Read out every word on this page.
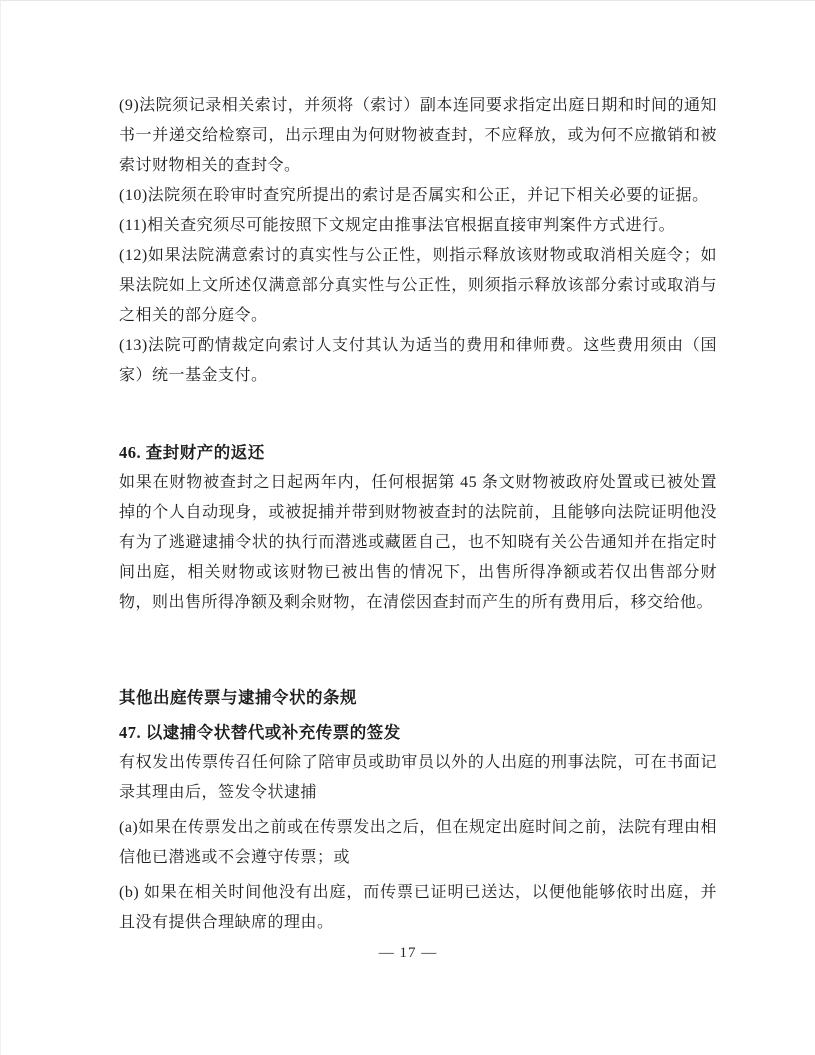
(9)法院须记录相关索讨，并须将（索讨）副本连同要求指定出庭日期和时间的通知书一并递交给检察司，出示理由为何财物被查封，不应释放，或为何不应撤销和被索讨财物相关的查封令。

(10)法院须在聆审时查究所提出的索讨是否属实和公正，并记下相关必要的证据。

(11)相关查究须尽可能按照下文规定由推事法官根据直接审判案件方式进行。

(12)如果法院满意索讨的真实性与公正性，则指示释放该财物或取消相关庭令；如果法院如上文所述仅满意部分真实性与公正性，则须指示释放该部分索讨或取消与之相关的部分庭令。

(13)法院可酌情裁定向索讨人支付其认为适当的费用和律师费。这些费用须由（国家）统一基金支付。

46. 查封财产的返还

如果在财物被查封之日起两年内，任何根据第 45 条文财物被政府处置或已被处置掉的个人自动现身，或被捉捕并带到财物被查封的法院前，且能够向法院证明他没有为了逃避逮捕令状的执行而潜逃或藏匿自己，也不知晓有关公告通知并在指定时间出庭，相关财物或该财物已被出售的情况下，出售所得净额或若仅出售部分财物，则出售所得净额及剩余财物，在清偿因查封而产生的所有费用后，移交给他。

其他出庭传票与逮捕令状的条规
47. 以逮捕令状替代或补充传票的签发

有权发出传票传召任何除了陪审员或助审员以外的人出庭的刑事法院，可在书面记录其理由后，签发令状逮捕

(a)如果在传票发出之前或在传票发出之后，但在规定出庭时间之前，法院有理由相信他已潜逃或不会遵守传票；或

(b) 如果在相关时间他没有出庭，而传票已证明已送达，以便他能够依时出庭，并且没有提供合理缺席的理由。

— 17 —
